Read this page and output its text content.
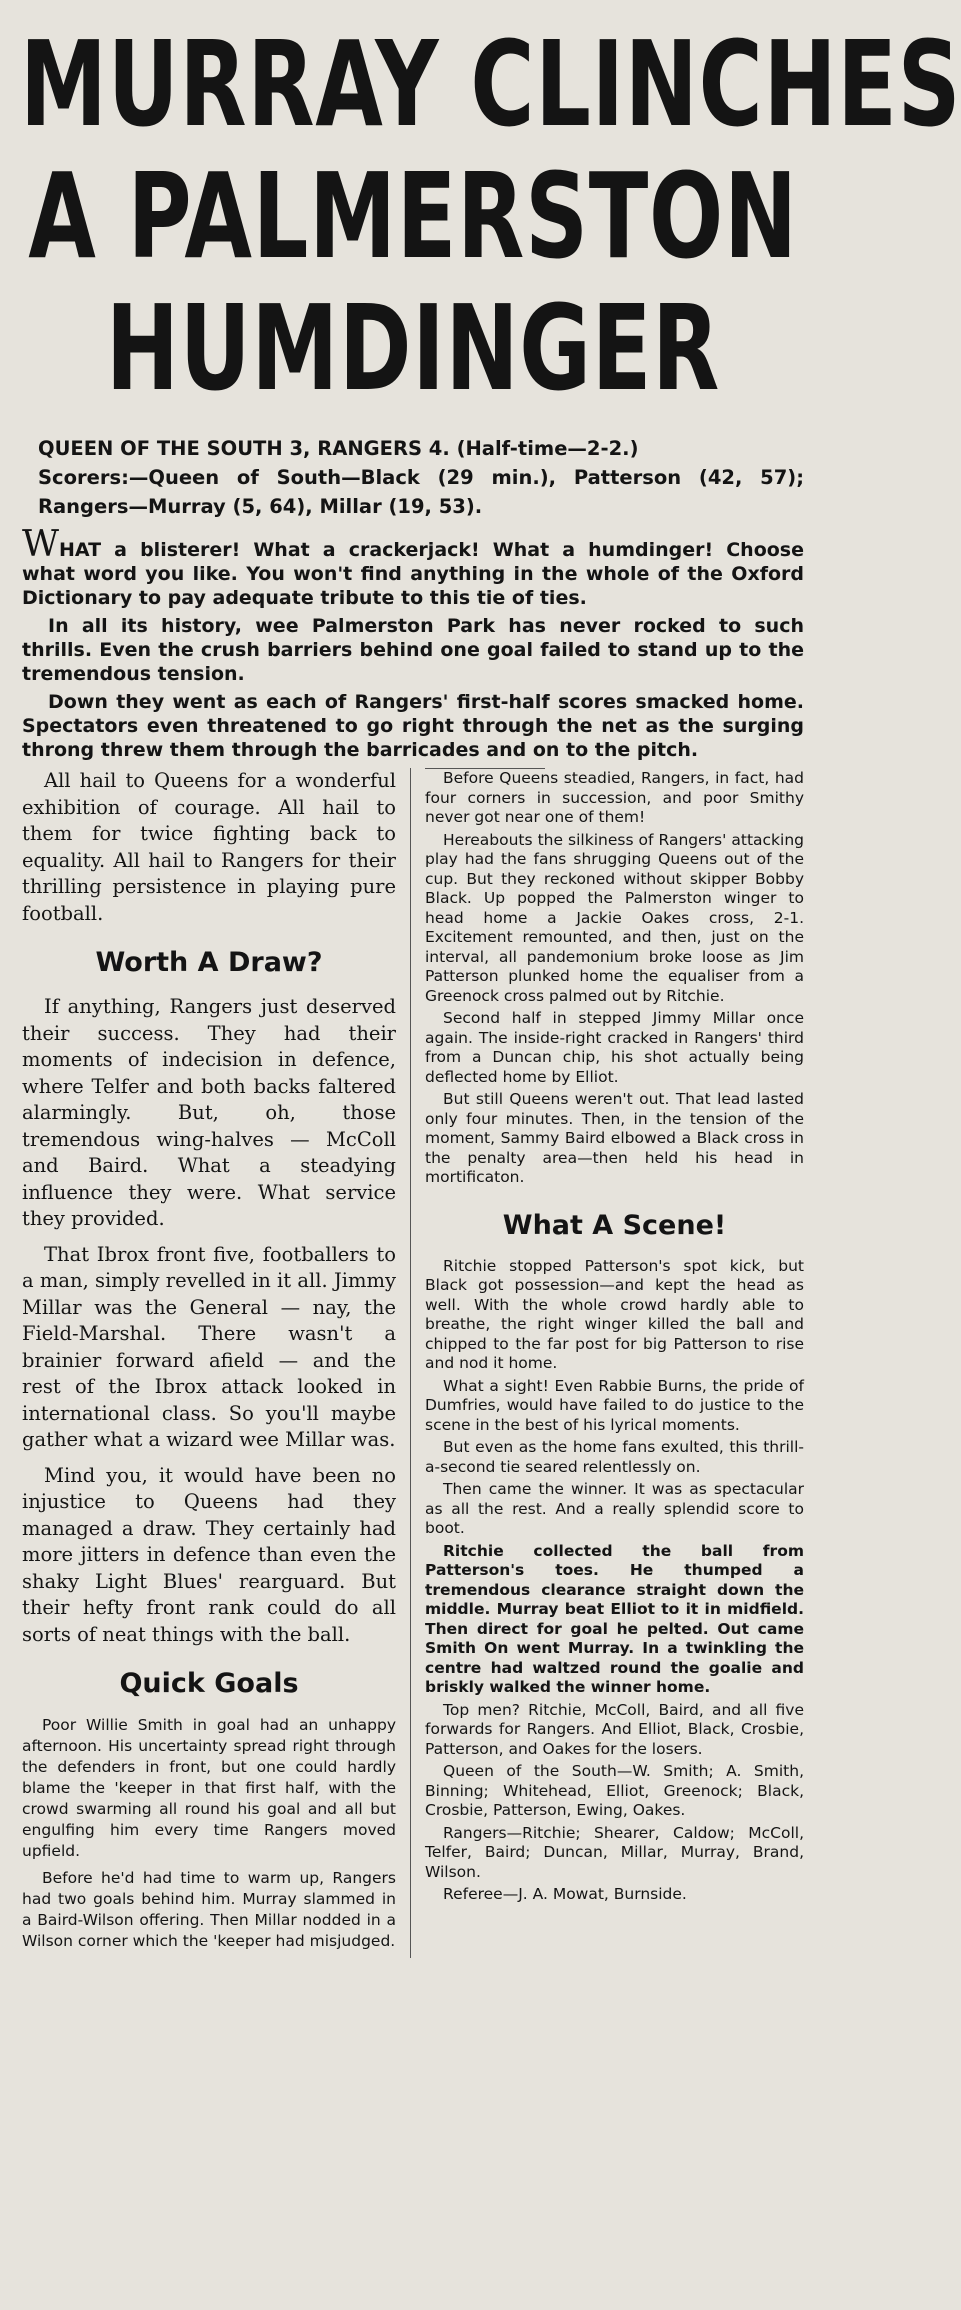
MURRAY CLINCHES
A PALMERSTON
HUMDINGER

QUEEN OF THE SOUTH 3, RANGERS 4. (Half-time—2-2.)

Scorers:—Queen of South—Black (29 min.), Patterson (42, 57); Rangers—Murray (5, 64), Millar (19, 53).

WHAT a blisterer! What a crackerjack! What a humdinger! Choose what word you like. You won't find anything in the whole of the Oxford Dictionary to pay adequate tribute to this tie of ties.

In all its history, wee Palmerston Park has never rocked to such thrills. Even the crush barriers behind one goal failed to stand up to the tremendous tension.

Down they went as each of Rangers' first-half scores smacked home. Spectators even threatened to go right through the net as the surging throng threw them through the barricades and on to the pitch.

All hail to Queens for a wonderful exhibition of courage. All hail to them for twice fighting back to equality. All hail to Rangers for their thrilling persistence in playing pure football.

Worth A Draw?

If anything, Rangers just deserved their success. They had their moments of indecision in defence, where Telfer and both backs faltered alarmingly. But, oh, those tremendous wing-halves — McColl and Baird. What a steadying influence they were. What service they provided.

That Ibrox front five, footballers to a man, simply revelled in it all. Jimmy Millar was the General — nay, the Field-Marshal. There wasn't a brainier forward afield — and the rest of the Ibrox attack looked in international class. So you'll maybe gather what a wizard wee Millar was.

Mind you, it would have been no injustice to Queens had they managed a draw. They certainly had more jitters in defence than even the shaky Light Blues' rearguard. But their hefty front rank could do all sorts of neat things with the ball.

Quick Goals

Poor Willie Smith in goal had an unhappy afternoon. His uncertainty spread right through the defenders in front, but one could hardly blame the 'keeper in that first half, with the crowd swarming all round his goal and all but engulfing him every time Rangers moved upfield.

Before he'd had time to warm up, Rangers had two goals behind him. Murray slammed in a Baird-Wilson offering. Then Millar nodded in a Wilson corner which the 'keeper had misjudged.

Before Queens steadied, Rangers, in fact, had four corners in succession, and poor Smithy never got near one of them!

Hereabouts the silkiness of Rangers' attacking play had the fans shrugging Queens out of the cup. But they reckoned without skipper Bobby Black. Up popped the Palmerston winger to head home a Jackie Oakes cross, 2-1. Excitement remounted, and then, just on the interval, all pandemonium broke loose as Jim Patterson plunked home the equaliser from a Greenock cross palmed out by Ritchie.

Second half in stepped Jimmy Millar once again. The inside-right cracked in Rangers' third from a Duncan chip, his shot actually being deflected home by Elliot.

But still Queens weren't out. That lead lasted only four minutes. Then, in the tension of the moment, Sammy Baird elbowed a Black cross in the penalty area—then held his head in mortificaton.

What A Scene!

Ritchie stopped Patterson's spot kick, but Black got possession—and kept the head as well. With the whole crowd hardly able to breathe, the right winger killed the ball and chipped to the far post for big Patterson to rise and nod it home.

What a sight! Even Rabbie Burns, the pride of Dumfries, would have failed to do justice to the scene in the best of his lyrical moments.

But even as the home fans exulted, this thrill-a-second tie seared relentlessly on.

Then came the winner. It was as spectacular as all the rest. And a really splendid score to boot.

Ritchie collected the ball from Patterson's toes. He thumped a tremendous clearance straight down the middle. Murray beat Elliot to it in midfield. Then direct for goal he pelted. Out came Smith On went Murray. In a twinkling the centre had waltzed round the goalie and briskly walked the winner home.

Top men? Ritchie, McColl, Baird, and all five forwards for Rangers. And Elliot, Black, Crosbie, Patterson, and Oakes for the losers.

Queen of the South—W. Smith; A. Smith, Binning; Whitehead, Elliot, Greenock; Black, Crosbie, Patterson, Ewing, Oakes.

Rangers—Ritchie; Shearer, Caldow; McColl, Telfer, Baird; Duncan, Millar, Murray, Brand, Wilson.

Referee—J. A. Mowat, Burnside.
